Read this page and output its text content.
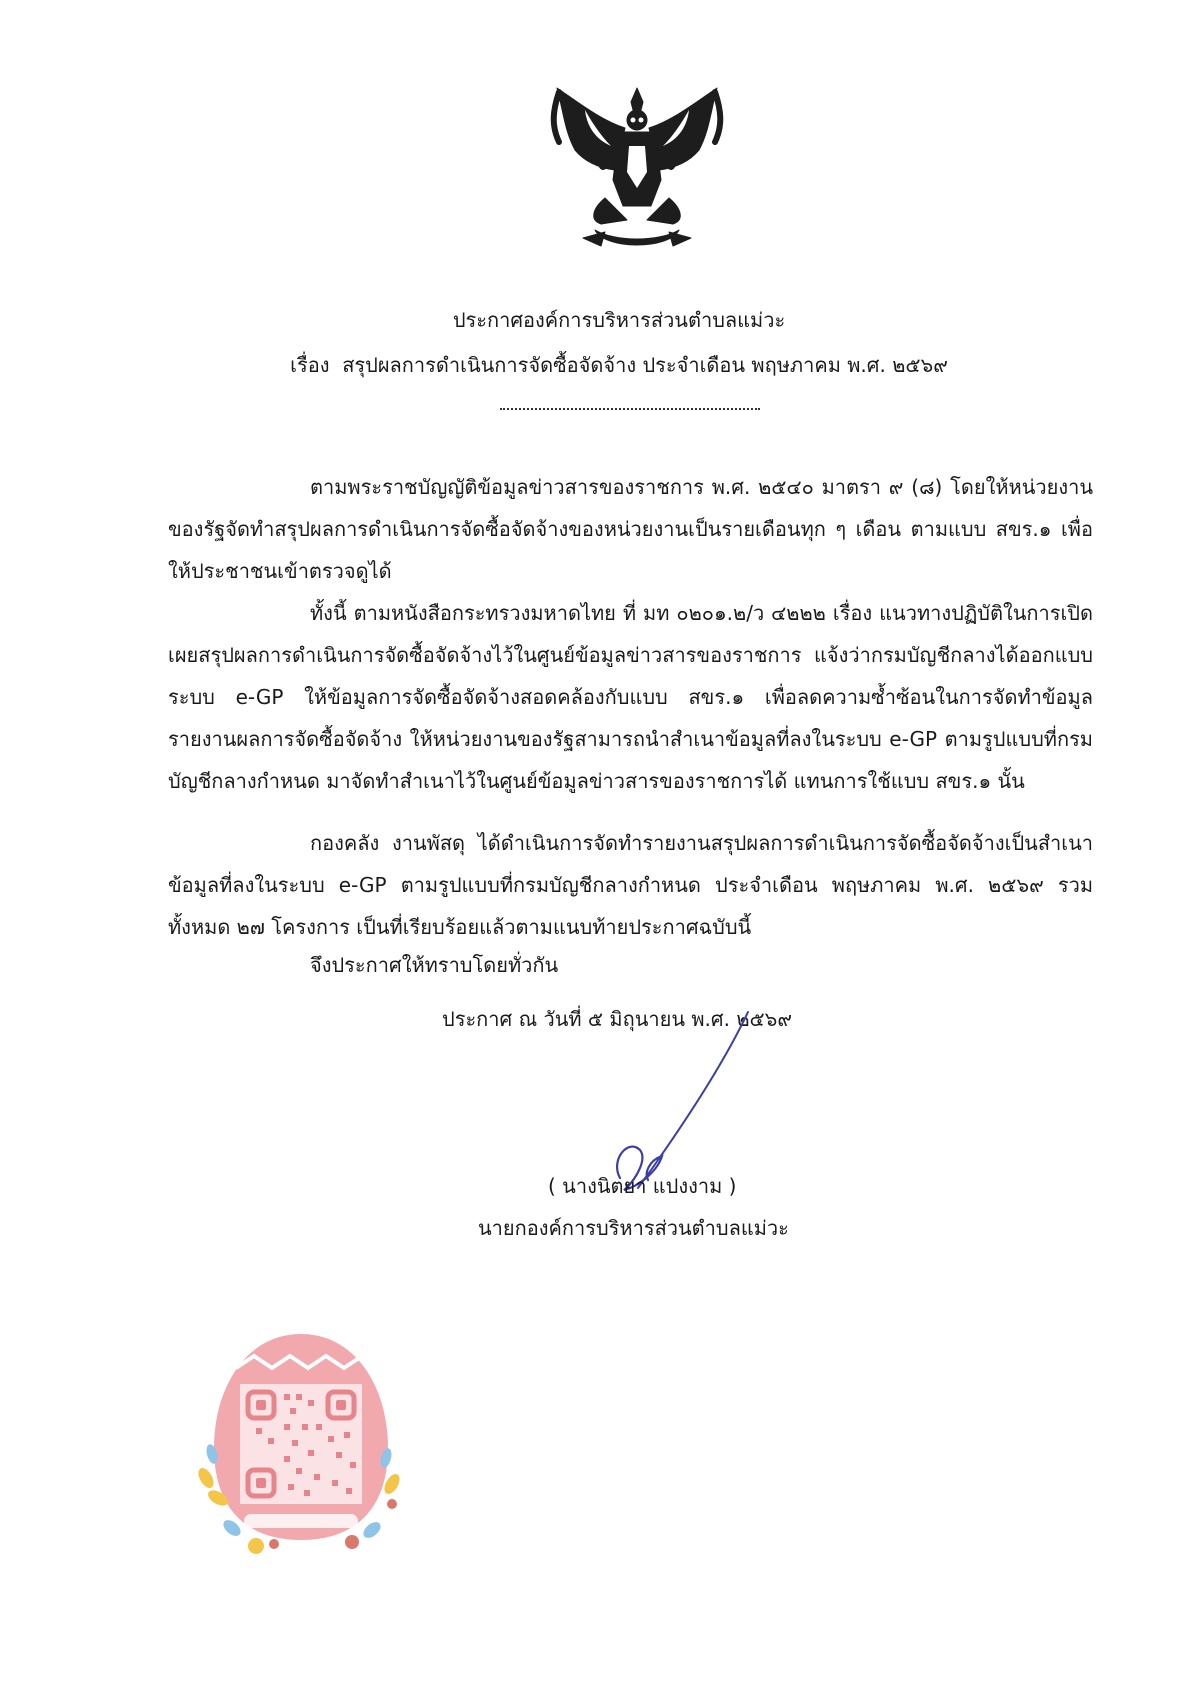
ประกาศองค์การบริหารส่วนตำบลแม่วะ
เรื่อง สรุปผลการดำเนินการจัดซื้อจัดจ้าง ประจำเดือน พฤษภาคม พ.ศ. ๒๕๖๙
ตามพระราชบัญญัติข้อมูลข่าวสารของราชการ พ.ศ. ๒๕๔๐ มาตรา ๙ (๘) โดยให้หน่วยงานของรัฐจัดทำสรุปผลการดำเนินการจัดซื้อจัดจ้างของหน่วยงานเป็นรายเดือนทุก ๆ เดือน ตามแบบ สขร.๑ เพื่อให้ประชาชนเข้าตรวจดูได้
ทั้งนี้ ตามหนังสือกระทรวงมหาดไทย ที่ มท ๐๒๐๑.๒/ว ๔๒๒๒ เรื่อง แนวทางปฏิบัติในการเปิดเผยสรุปผลการดำเนินการจัดซื้อจัดจ้างไว้ในศูนย์ข้อมูลข่าวสารของราชการ แจ้งว่ากรมบัญชีกลางได้ออกแบบ ระบบ e-GP ให้ข้อมูลการจัดซื้อจัดจ้างสอดคล้องกับแบบ สขร.๑ เพื่อลดความซ้ำซ้อนในการจัดทำข้อมูลรายงานผลการจัดซื้อจัดจ้าง ให้หน่วยงานของรัฐสามารถนำสำเนาข้อมูลที่ลงในระบบ e-GP ตามรูปแบบที่กรมบัญชีกลางกำหนด มาจัดทำสำเนาไว้ในศูนย์ข้อมูลข่าวสารของราชการได้ แทนการใช้แบบ สขร.๑ นั้น
กองคลัง งานพัสดุ ได้ดำเนินการจัดทำรายงานสรุปผลการดำเนินการจัดซื้อจัดจ้างเป็นสำเนาข้อมูลที่ลงในระบบ e-GP ตามรูปแบบที่กรมบัญชีกลางกำหนด ประจำเดือน พฤษภาคม พ.ศ. ๒๕๖๙ รวมทั้งหมด ๒๗ โครงการ เป็นที่เรียบร้อยแล้วตามแนบท้ายประกาศฉบับนี้
จึงประกาศให้ทราบโดยทั่วกัน
ประกาศ ณ วันที่ ๕ มิถุนายน พ.ศ. ๒๕๖๙
( นางนิตยา แปงงาม )
นายกองค์การบริหารส่วนตำบลแม่วะ
